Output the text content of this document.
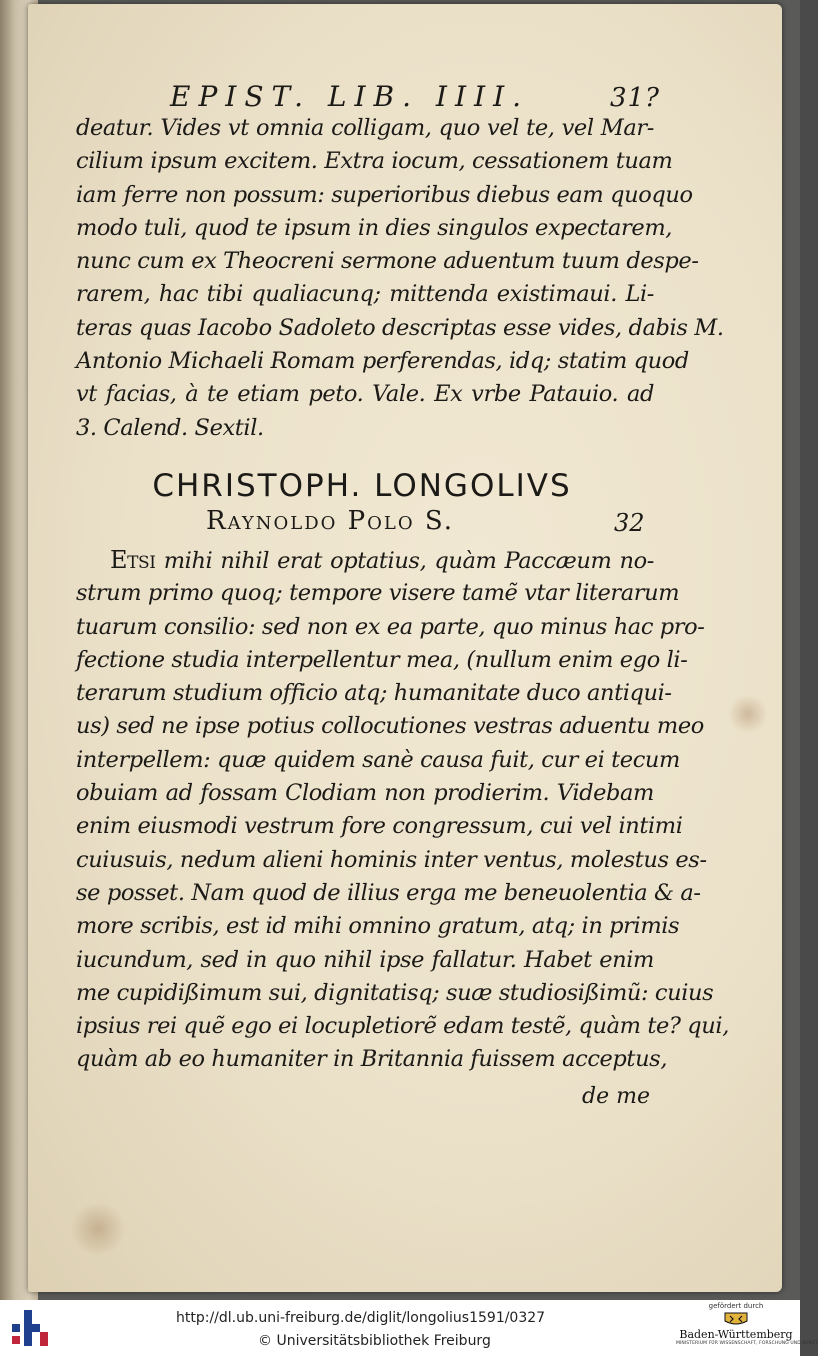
EPIST. LIB. IIII.	31?
deatur. Vides vt omnia colligam, quo vel te, vel Mar-
cilium ipsum excitem. Extra iocum, cessationem tuam
iam ferre non possum: superioribus diebus eam quoquo
modo tuli, quod te ipsum in dies singulos expectarem,
nunc cum ex Theocreni sermone aduentum tuum despe-
rarem, hac tibi qualiacunq; mittenda existimaui. Li-
teras quas Iacobo Sadoleto descriptas esse vides, dabis M.
Antonio Michaeli Romam perferendas, idq; statim quod
vt facias, à te etiam peto. Vale. Ex vrbe Patauio. ad
3. Calend. Sextil.
CHRISTOPH. LONGOLIVS
Raynoldo Polo S.	32
Etsi mihi nihil erat optatius, quàm Paccæum no-
strum primo quoq; tempore visere tamẽ vtar literarum
tuarum consilio: sed non ex ea parte, quo minus hac pro-
fectione studia interpellentur mea, (nullum enim ego li-
terarum studium officio atq; humanitate duco antiqui-
us) sed ne ipse potius collocutiones vestras aduentu meo
interpellem: quæ quidem sanè causa fuit, cur ei tecum
obuiam ad fossam Clodiam non prodierim. Videbam
enim eiusmodi vestrum fore congressum, cui vel intimi
cuiusuis, nedum alieni hominis inter ventus, molestus es-
se posset. Nam quod de illius erga me beneuolentia & a-
more scribis, est id mihi omnino gratum, atq; in primis
iucundum, sed in quo nihil ipse fallatur. Habet enim
me cupidißimum sui, dignitatisq; suæ studiosißimũ: cuius
ipsius rei quẽ ego ei locupletiorẽ edam testẽ, quàm te? qui,
quàm ab eo humaniter in Britannia fuissem acceptus,
de me
http://dl.ub.uni-freiburg.de/diglit/longolius1591/0327
© Universitätsbibliothek Freiburg
gefördert durch
Baden-Württemberg
MINISTERIUM FÜR WISSENSCHAFT, FORSCHUNG UND KUNST
